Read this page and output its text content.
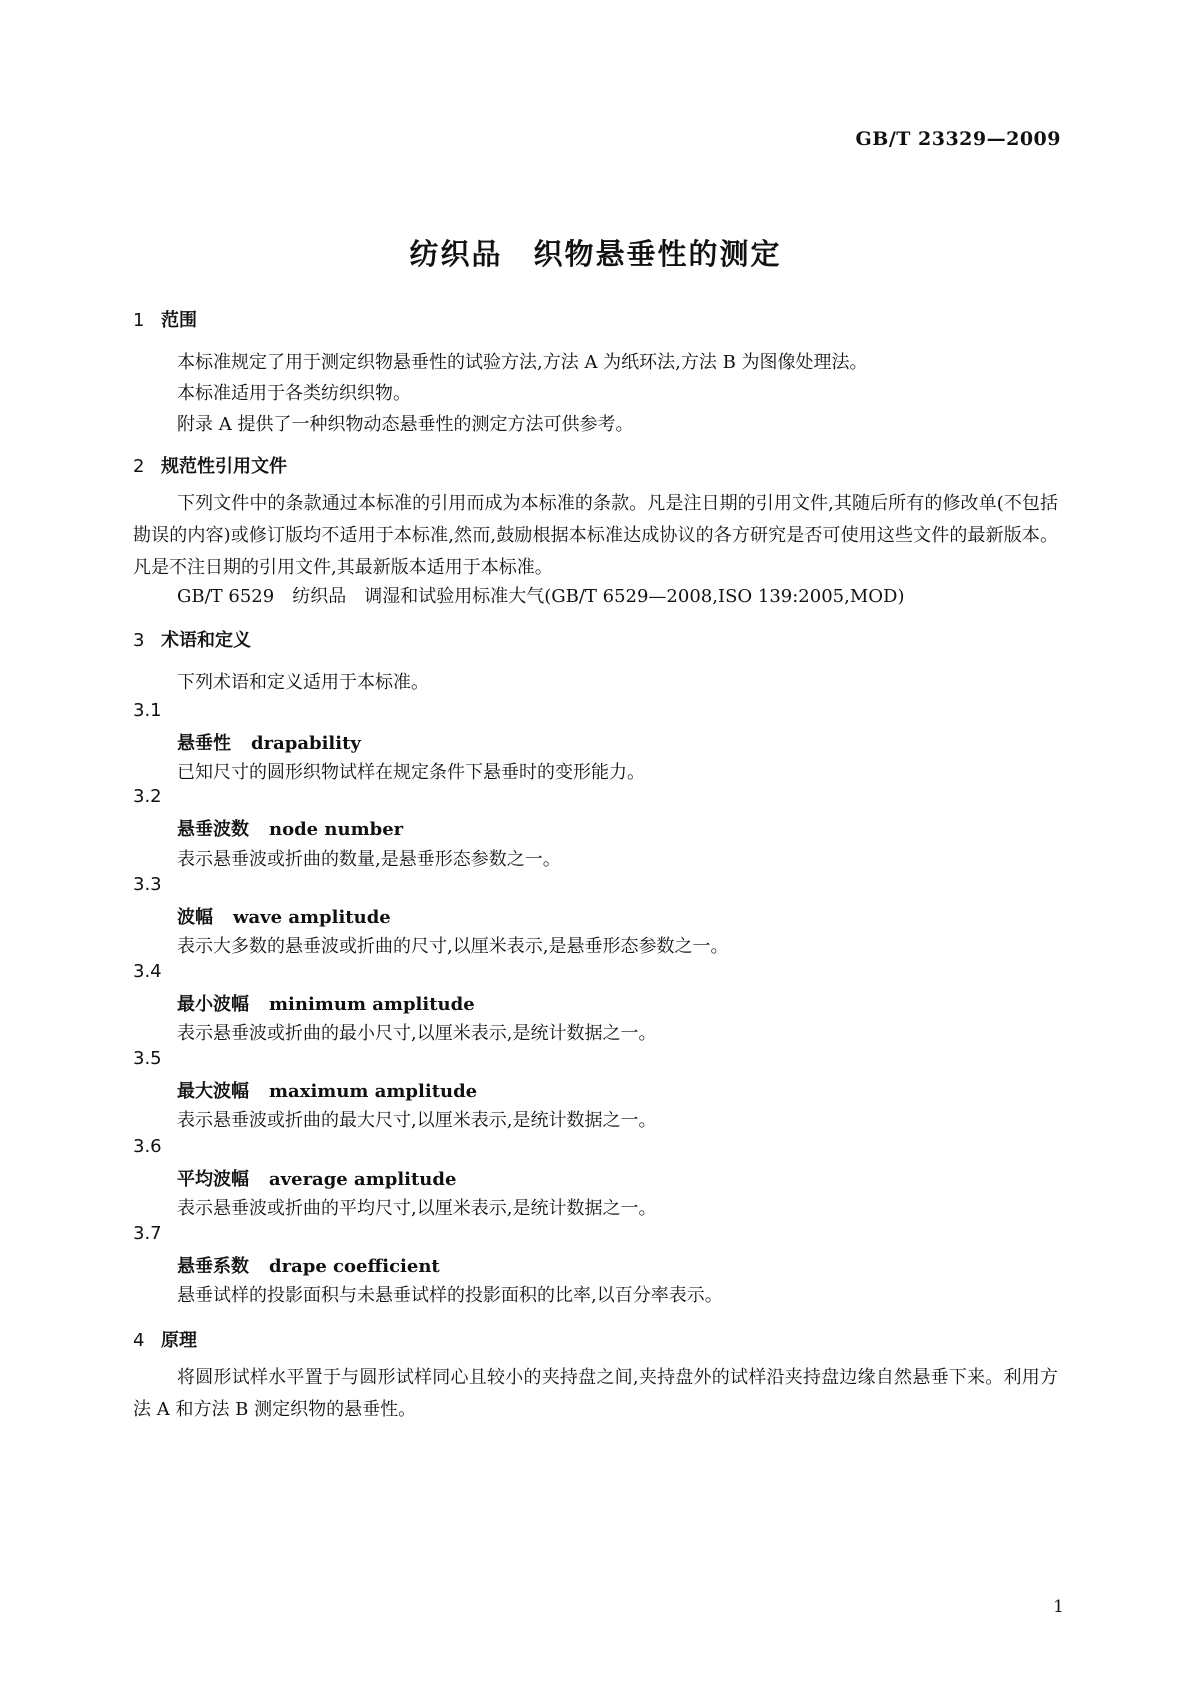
GB/T 23329—2009
纺织品　织物悬垂性的测定
1 范围
本标准规定了用于测定织物悬垂性的试验方法,方法 A 为纸环法,方法 B 为图像处理法。
本标准适用于各类纺织织物。
附录 A 提供了一种织物动态悬垂性的测定方法可供参考。
2 规范性引用文件
下列文件中的条款通过本标准的引用而成为本标准的条款。凡是注日期的引用文件,其随后所有的修改单(不包括勘误的内容)或修订版均不适用于本标准,然而,鼓励根据本标准达成协议的各方研究是否可使用这些文件的最新版本。凡是不注日期的引用文件,其最新版本适用于本标准。
GB/T 6529　纺织品　调湿和试验用标准大气(GB/T 6529—2008,ISO 139:2005,MOD)
3 术语和定义
下列术语和定义适用于本标准。
3.1
悬垂性 drapability
已知尺寸的圆形织物试样在规定条件下悬垂时的变形能力。
3.2
悬垂波数 node number
表示悬垂波或折曲的数量,是悬垂形态参数之一。
3.3
波幅 wave amplitude
表示大多数的悬垂波或折曲的尺寸,以厘米表示,是悬垂形态参数之一。
3.4
最小波幅 minimum amplitude
表示悬垂波或折曲的最小尺寸,以厘米表示,是统计数据之一。
3.5
最大波幅 maximum amplitude
表示悬垂波或折曲的最大尺寸,以厘米表示,是统计数据之一。
3.6
平均波幅 average amplitude
表示悬垂波或折曲的平均尺寸,以厘米表示,是统计数据之一。
3.7
悬垂系数 drape coefficient
悬垂试样的投影面积与未悬垂试样的投影面积的比率,以百分率表示。
4 原理
将圆形试样水平置于与圆形试样同心且较小的夹持盘之间,夹持盘外的试样沿夹持盘边缘自然悬垂下来。利用方法 A 和方法 B 测定织物的悬垂性。
1
